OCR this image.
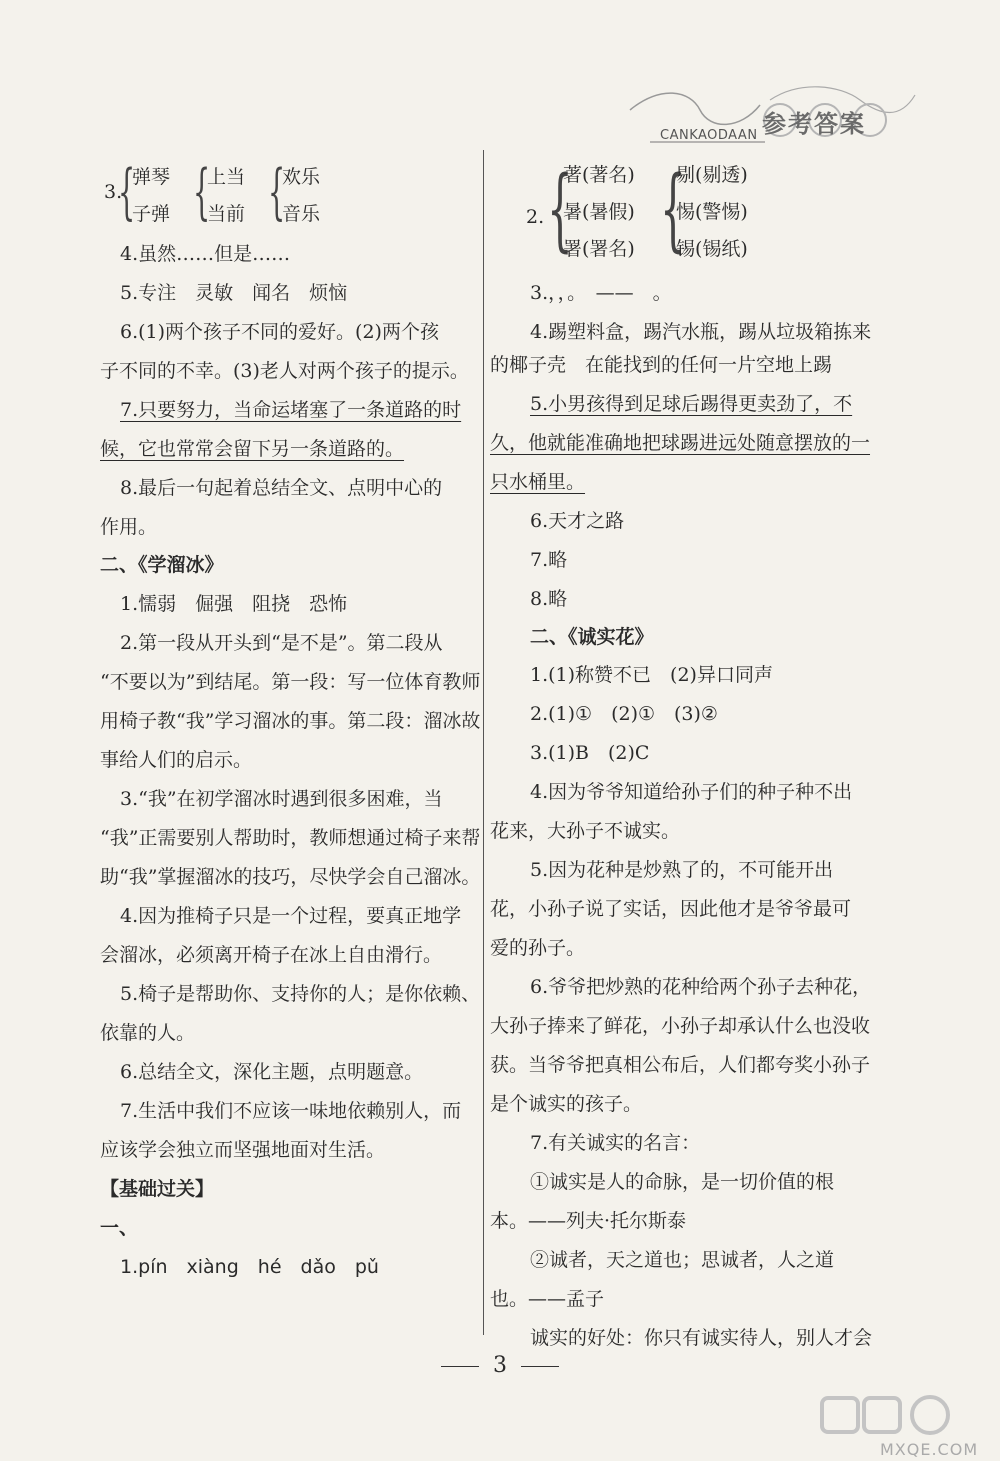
CANKAODAAN 参考答案
3.
{
弹琴
子弹 {
上当
当前 {
欢乐
音乐
4.虽然……但是……
5.专注　灵敏　闻名　烦恼
6.(1)两个孩子不同的爱好。(2)两个孩
子不同的不幸。(3)老人对两个孩子的提示。
7.只要努力，当命运堵塞了一条道路的时
候，它也常常会留下另一条道路的。
8.最后一句起着总结全文、点明中心的
作用。
二、《学溜冰》
1.懦弱　倔强　阻挠　恐怖
2.第一段从开头到“是不是”。第二段从
“不要以为”到结尾。第一段：写一位体育教师
用椅子教“我”学习溜冰的事。第二段：溜冰故
事给人们的启示。
3.“我”在初学溜冰时遇到很多困难，当
“我”正需要别人帮助时，教师想通过椅子来帮
助“我”掌握溜冰的技巧，尽快学会自己溜冰。
4.因为推椅子只是一个过程，要真正地学
会溜冰，必须离开椅子在冰上自由滑行。
5.椅子是帮助你、支持你的人；是你依赖、
依靠的人。
6.总结全文，深化主题，点明题意。
7.生活中我们不应该一味地依赖别人，而
应该学会独立而坚强地面对生活。
【基础过关】
一、
1.pín　xiàng　hé　dǎo　pǔ
2. {
著(著名)
暑(暑假)
署(署名) {
剔(剔透)
惕(警惕)
锡(锡纸)
3.，，。　——　。
4.踢塑料盒，踢汽水瓶，踢从垃圾箱拣来
的椰子壳　在能找到的任何一片空地上踢
5.小男孩得到足球后踢得更卖劲了，不
久，他就能准确地把球踢进远处随意摆放的一
只水桶里。
6.天才之路
7.略
8.略
二、《诚实花》
1.(1)称赞不已　(2)异口同声
2.(1)①　(2)①　(3)②
3.(1)B　(2)C
4.因为爷爷知道给孙子们的种子种不出
花来，大孙子不诚实。
5.因为花种是炒熟了的，不可能开出
花，小孙子说了实话，因此他才是爷爷最可
爱的孙子。
6.爷爷把炒熟的花种给两个孙子去种花，
大孙子捧来了鲜花，小孙子却承认什么也没收
获。当爷爷把真相公布后，人们都夸奖小孙子
是个诚实的孩子。
7.有关诚实的名言：
①诚实是人的命脉，是一切价值的根
本。——列夫·托尔斯泰
②诚者，天之道也；思诚者，人之道
也。——孟子
诚实的好处：你只有诚实待人，别人才会
3
MXQE.COM
